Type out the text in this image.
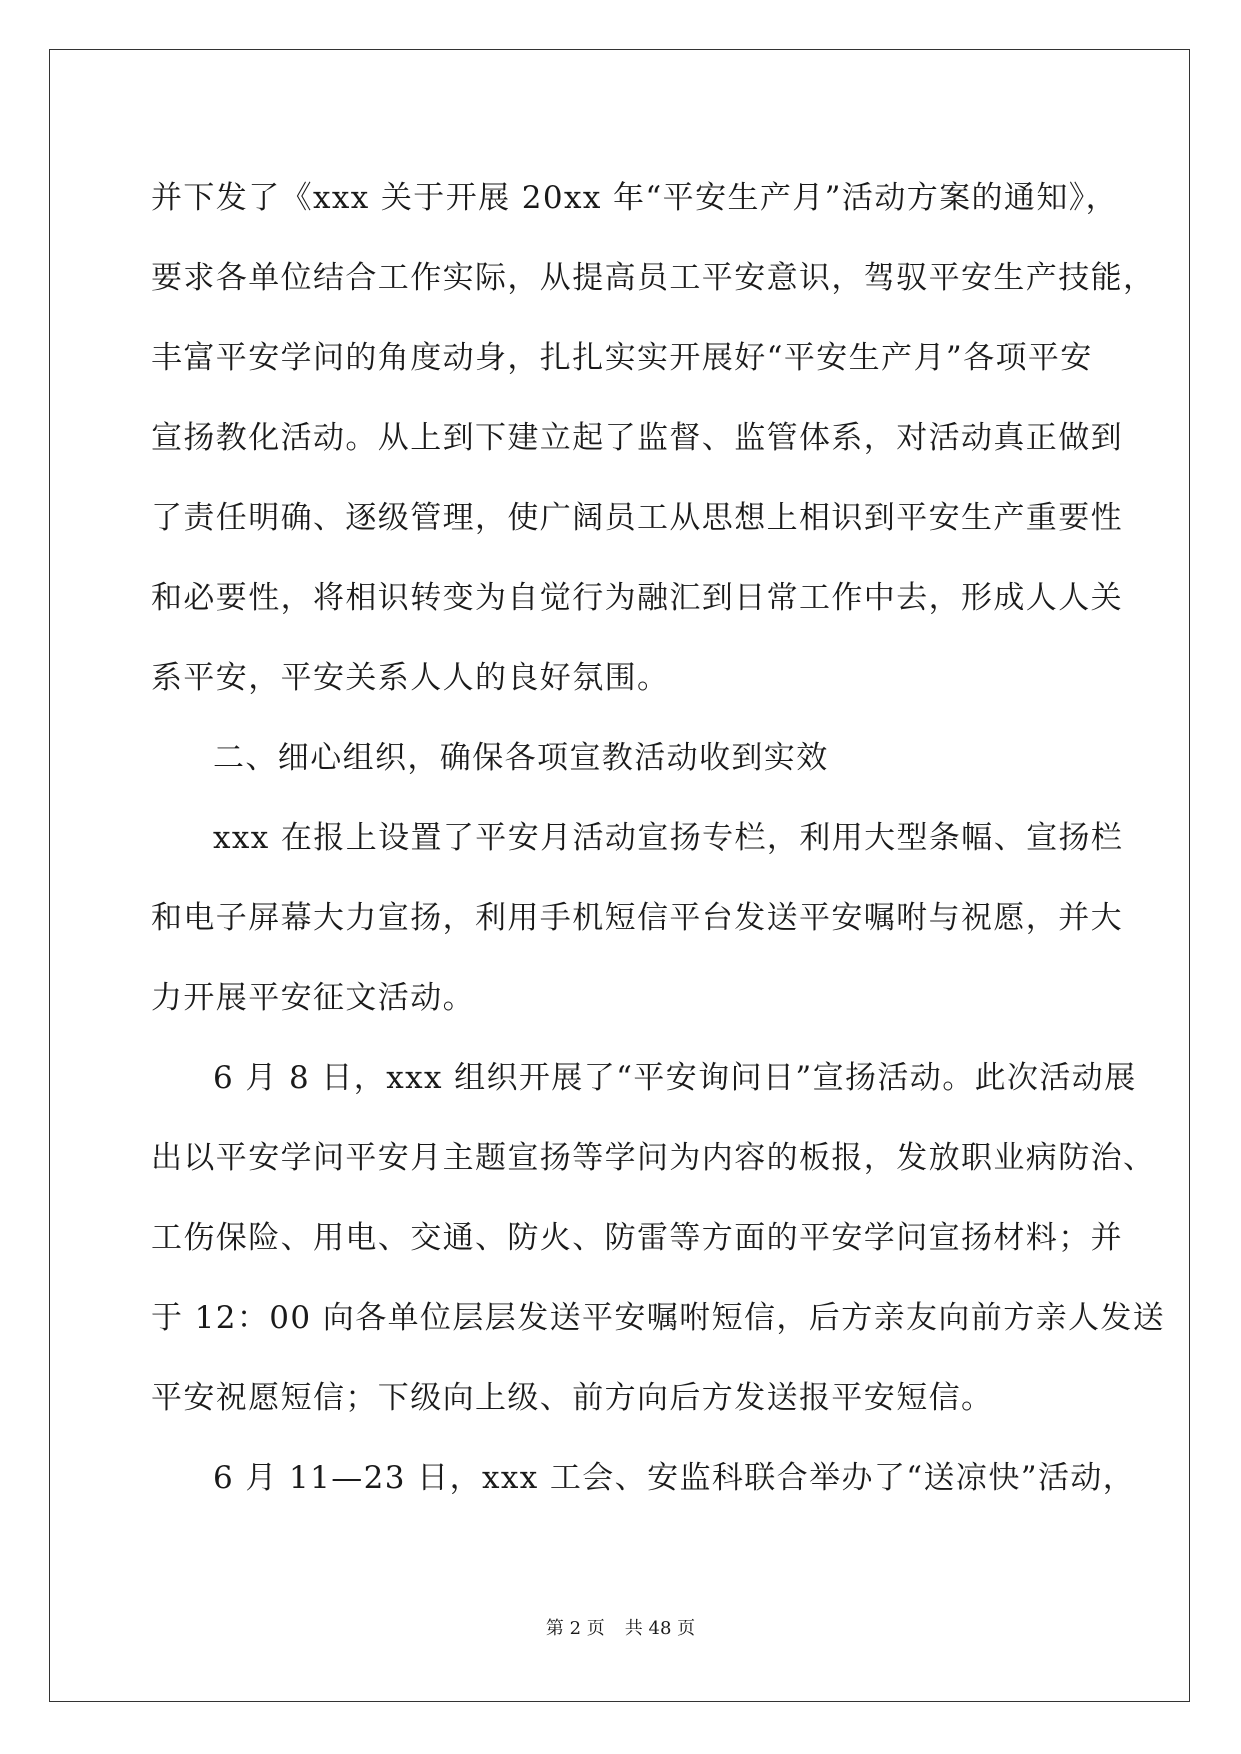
并下发了《xxx 关于开展 20xx 年“平安生产月”活动方案的通知》，
要求各单位结合工作实际，从提高员工平安意识，驾驭平安生产技能，
丰富平安学问的角度动身，扎扎实实开展好“平安生产月”各项平安
宣扬教化活动。从上到下建立起了监督、监管体系，对活动真正做到
了责任明确、逐级管理，使广阔员工从思想上相识到平安生产重要性
和必要性，将相识转变为自觉行为融汇到日常工作中去，形成人人关
系平安，平安关系人人的良好氛围。
二、细心组织，确保各项宣教活动收到实效
xxx 在报上设置了平安月活动宣扬专栏，利用大型条幅、宣扬栏
和电子屏幕大力宣扬，利用手机短信平台发送平安嘱咐与祝愿，并大
力开展平安征文活动。
6 月 8 日，xxx 组织开展了“平安询问日”宣扬活动。此次活动展
出以平安学问平安月主题宣扬等学问为内容的板报，发放职业病防治、
工伤保险、用电、交通、防火、防雷等方面的平安学问宣扬材料；并
于 12：00 向各单位层层发送平安嘱咐短信，后方亲友向前方亲人发送
平安祝愿短信；下级向上级、前方向后方发送报平安短信。
6 月 11—23 日，xxx 工会、安监科联合举办了“送凉快”活动，
第 2 页 共 48 页
